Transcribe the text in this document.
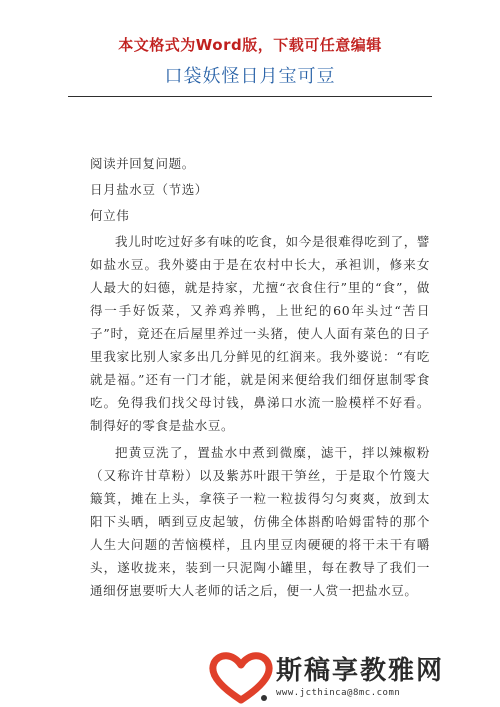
本文格式为Word版，下载可任意编辑
口袋妖怪日月宝可豆
阅读并回复问题。
日月盐水豆（节选）
何立伟

我儿时吃过好多有味的吃食，如今是很难得吃到了，譬如盐水豆。我外婆由于是在农村中长大，承袒训，修来女人最大的妇德，就是持家，尤擅“衣食住行”里的“食”，做得一手好饭菜，又养鸡养鸭，上世纪的60年头过“苦日子”时，竟还在后屋里养过一头猪，使人人面有菜色的日子里我家比别人家多出几分鲜见的红润来。我外婆说：“有吃就是福。”还有一门才能，就是闲来便给我们细伢崽制零食吃。免得我们找父母讨钱，鼻涕口水流一脸模样不好看。制得好的零食是盐水豆。

把黄豆洗了，置盐水中煮到微糜，滤干，拌以辣椒粉（又称许甘草粉）以及紫苏叶跟干笋丝，于是取个竹篾大簸箕，摊在上头，拿筷子一粒一粒拔得匀匀爽爽，放到太阳下头晒，晒到豆皮起皱，仿佛全体斟酌哈姆雷特的那个人生大问题的苦恼模样，且内里豆肉硬硬的将干未干有嚼头，遂收拢来，装到一只泥陶小罐里，每在教导了我们一通细伢崽要听大人老师的话之后，便一人赏一把盐水豆。

斯稿享教雅网
www.jcthinca@8mc.comn
